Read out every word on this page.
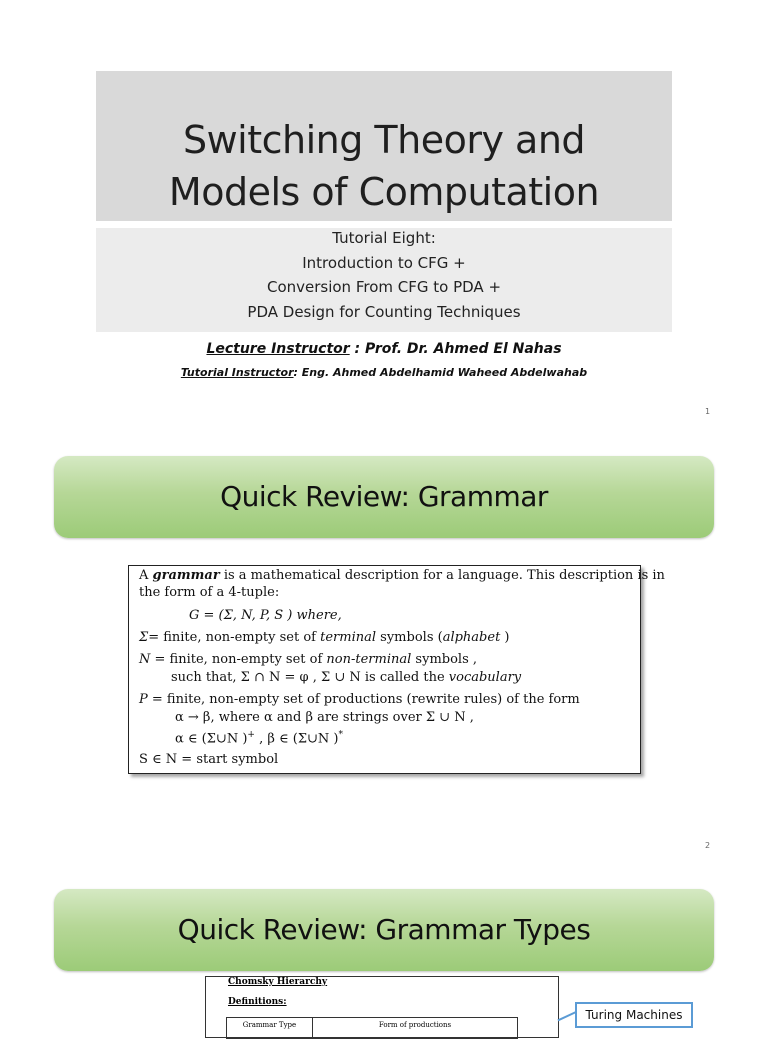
Switching Theory and
Models of Computation
Tutorial Eight:
Introduction to CFG +
Conversion From CFG to PDA +
PDA Design for Counting Techniques
Lecture Instructor : Prof. Dr. Ahmed El Nahas
Tutorial Instructor: Eng. Ahmed Abdelhamid Waheed Abdelwahab
1
Quick Review: Grammar
A grammar is a mathematical description for a language. This description is in
the form of a 4-tuple:
G = (Σ, N, P, S ) where,
Σ= finite, non-empty set of terminal symbols (alphabet )
N = finite, non-empty set of non-terminal symbols ,
such that, Σ ∩ N = φ , Σ ∪ N is called the vocabulary
P = finite, non-empty set of productions (rewrite rules) of the form
α → β, where α and β are strings over Σ ∪ N ,
α ∈ (Σ∪N )+ , β ∈ (Σ∪N )*
S ∈ N = start symbol
2
Quick Review: Grammar Types
Chomsky Hierarchy
Definitions:
Grammar Type	Form of productions
Turing Machines
